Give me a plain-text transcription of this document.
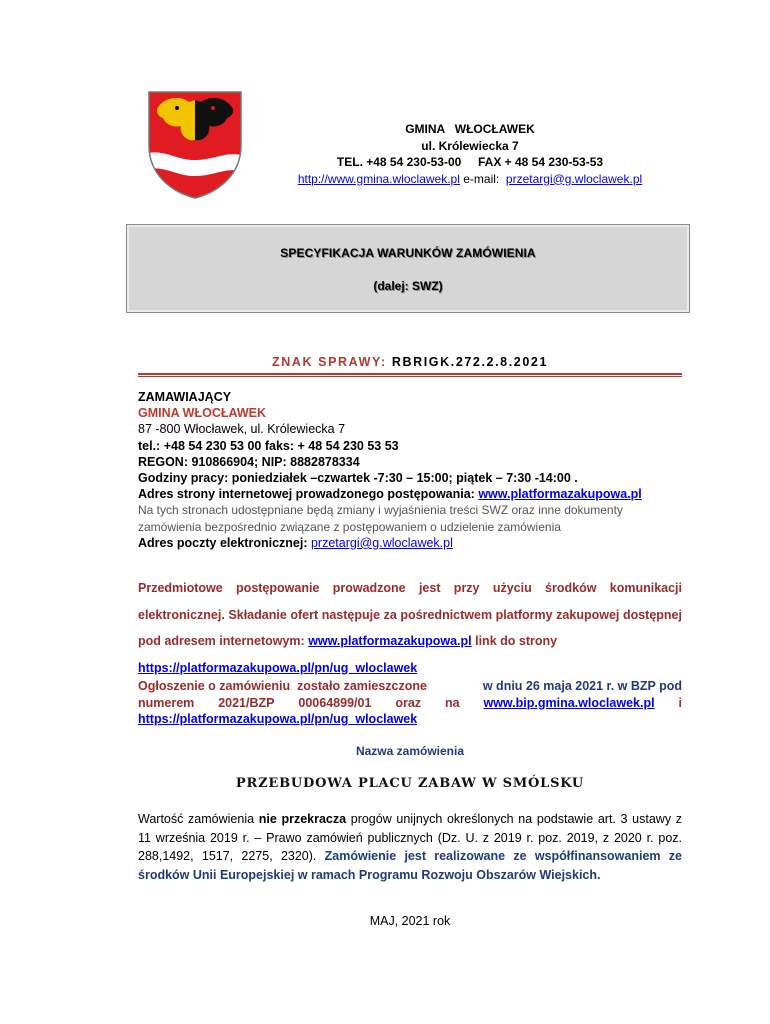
GMINA   WŁOCŁAWEK
ul. Królewiecka 7
TEL. +48 54 230-53-00     FAX + 48 54 230-53-53
http://www.gmina.wloclawek.pl e-mail:  przetargi@g.wloclawek.pl
SPECYFIKACJA WARUNKÓW ZAMÓWIENIA
(dalej: SWZ)
ZNAK SPRAWY: RBRIGK.272.2.8.2021
ZAMAWIAJĄCY
GMINA WŁOCŁAWEK
87 -800 Włocławek, ul. Królewiecka 7
tel.: +48 54 230 53 00 faks: + 48 54 230 53 53
REGON: 910866904; NIP: 8882878334
Godziny pracy: poniedziałek –czwartek -7:30 – 15:00; piątek – 7:30 -14:00 .
Adres strony internetowej prowadzonego postępowania: www.platformazakupowa.pl
Na tych stronach udostępniane będą zmiany i wyjaśnienia treści SWZ oraz inne dokumenty zamówienia bezpośrednio związane z postępowaniem o udzielenie zamówienia
Adres poczty elektronicznej: przetargi@g.wloclawek.pl
Przedmiotowe postępowanie prowadzone jest przy użyciu środków komunikacji elektronicznej. Składanie ofert następuje za pośrednictwem platformy zakupowej dostępnej pod adresem internetowym: www.platformazakupowa.pl link do strony
https://platformazakupowa.pl/pn/ug_wloclawek
Ogłoszenie o zamówieniu  zostało zamieszczone	w dniu 26 maja 2021 r. w BZP pod
numerem 2021/BZP 00064899/01 oraz na www.bip.gmina.wloclawek.pl i
https://platformazakupowa.pl/pn/ug_wloclawek
Nazwa zamówienia
PRZEBUDOWA PLACU ZABAW W SMÓLSKU
Wartość zamówienia nie przekracza progów unijnych określonych na podstawie art. 3 ustawy z 11 września 2019 r. – Prawo zamówień publicznych (Dz. U. z 2019 r. poz. 2019, z 2020 r. poz. 288,1492, 1517, 2275, 2320). Zamówienie jest realizowane ze współfinansowaniem ze środków Unii Europejskiej w ramach Programu Rozwoju Obszarów Wiejskich.
MAJ, 2021 rok
